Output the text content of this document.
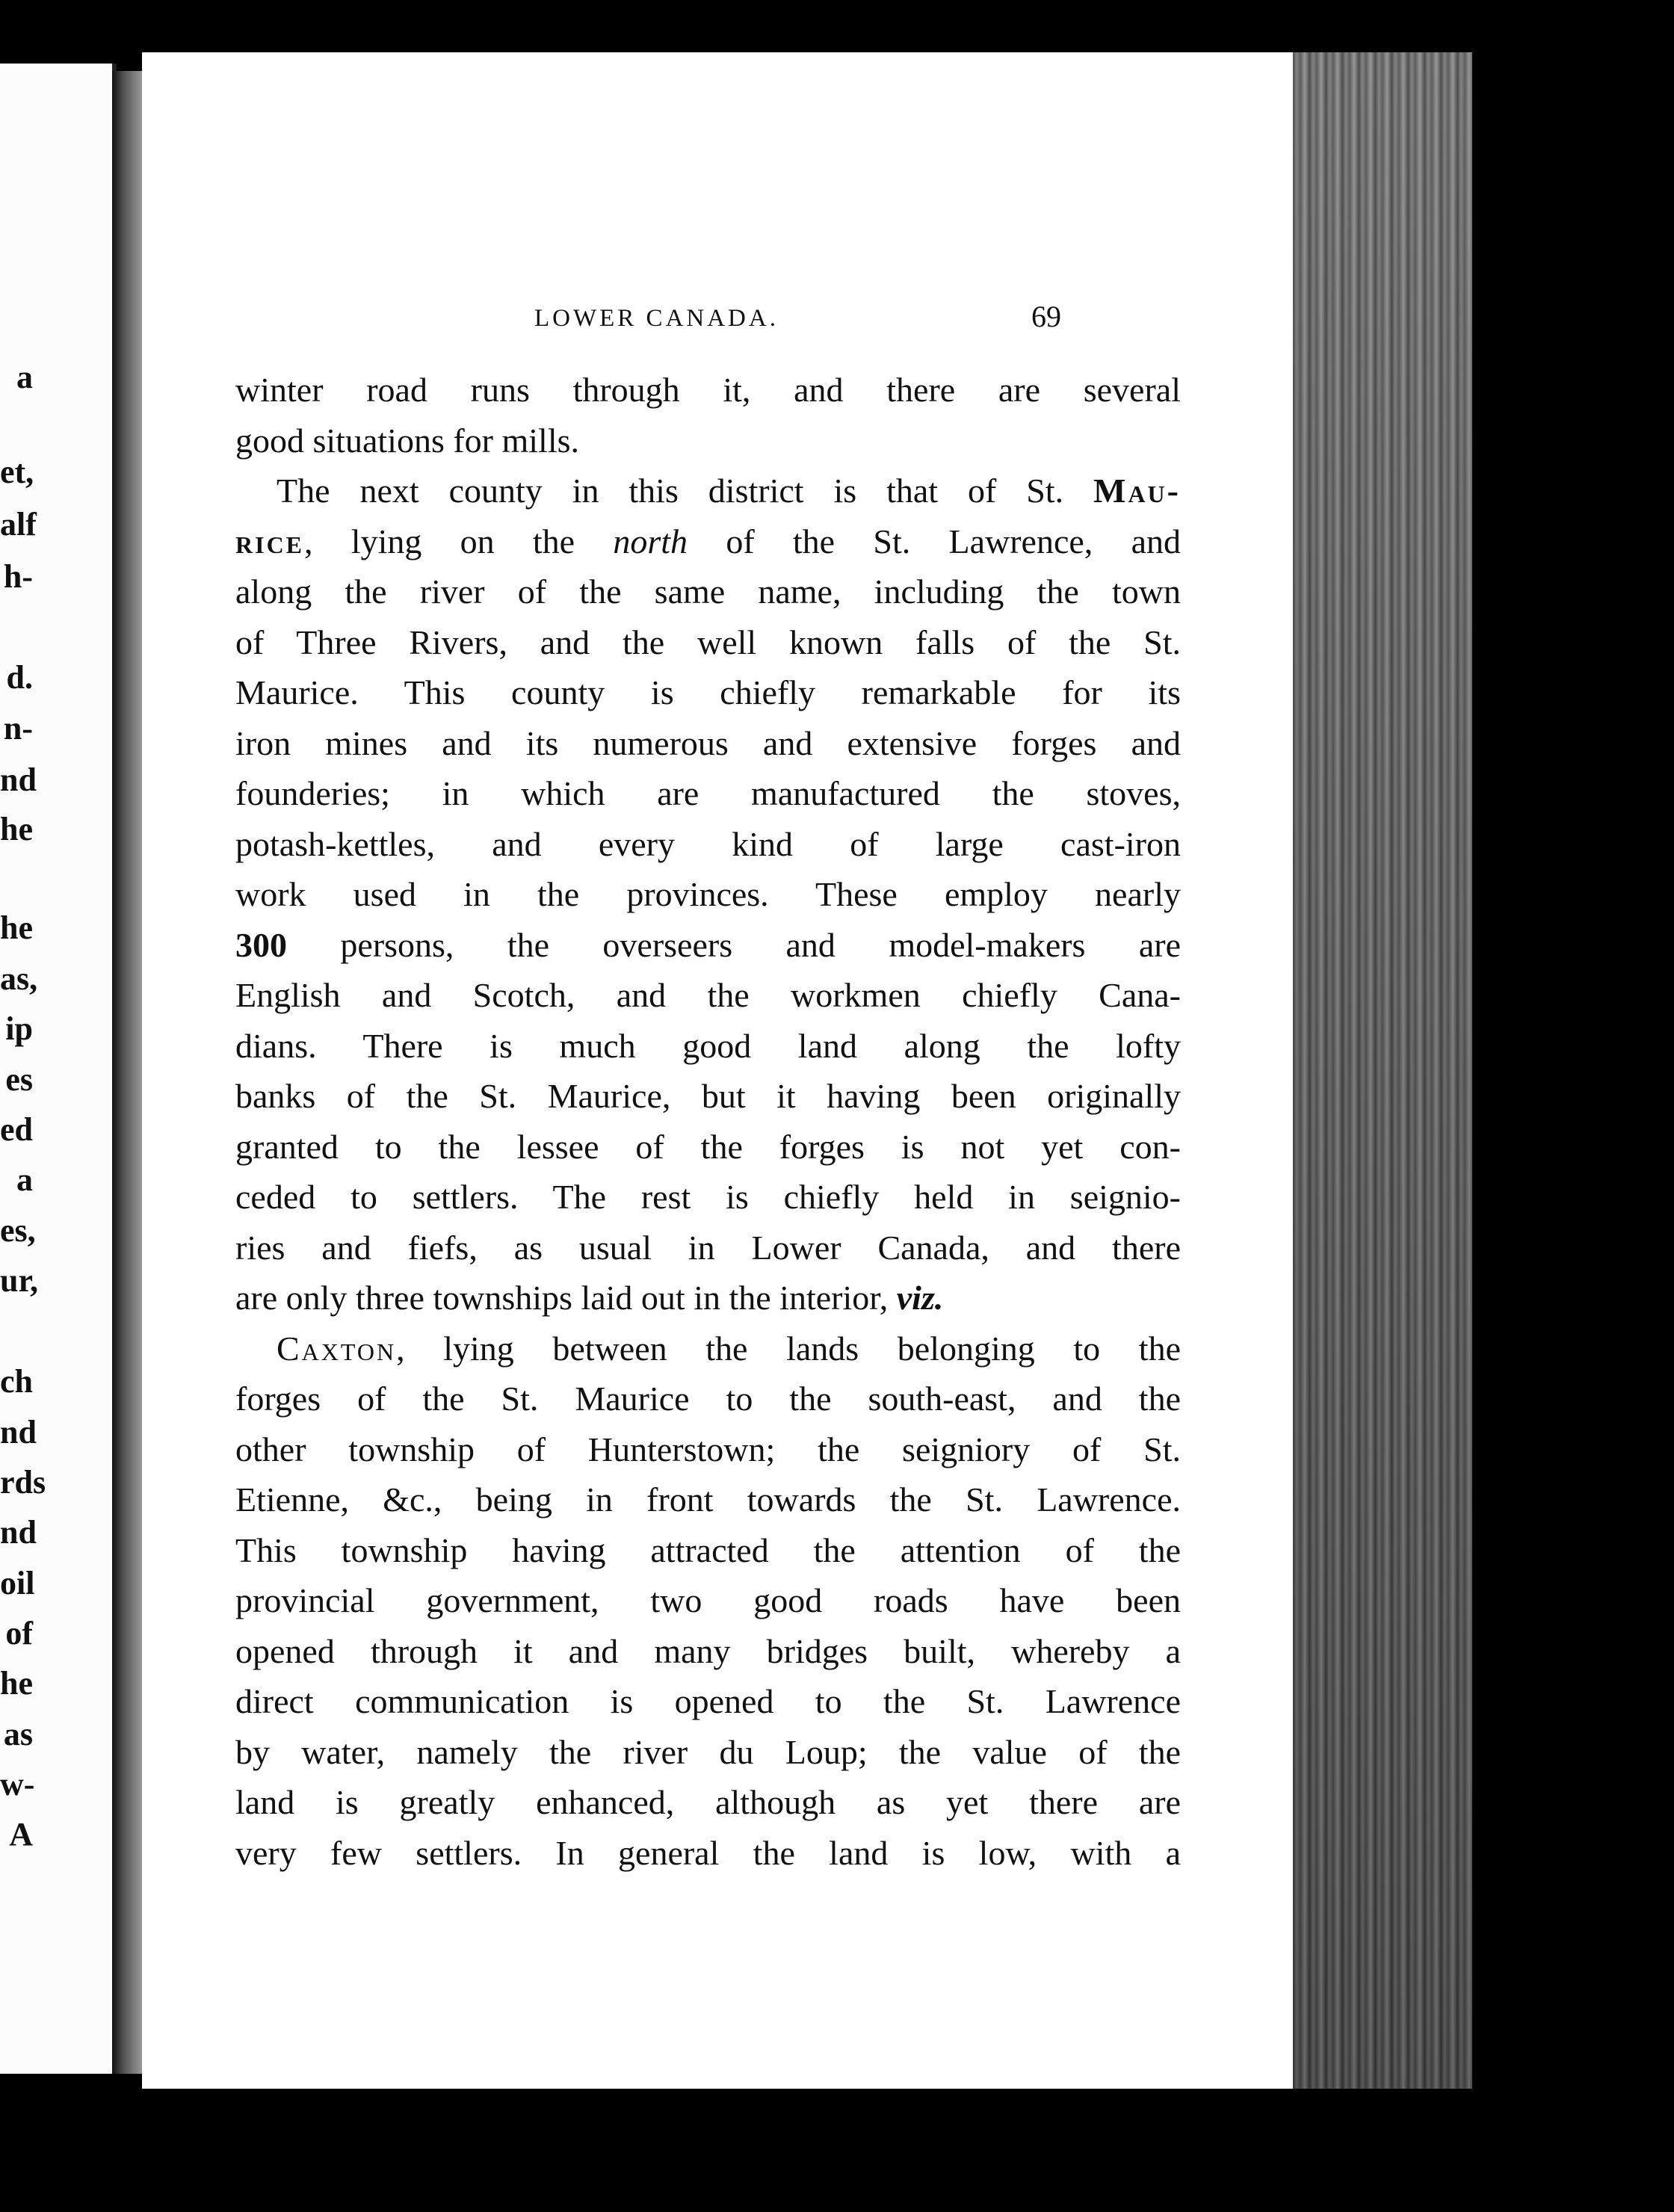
a
et,
alf
h-
d.
n-
nd
he
he
as,
ip
es
ed
a
es,
ur,
ch
nd
rds
nd
oil
of
he
as
w-
A
LOWER CANADA.	69
winter road runs through it, and there are several
good situations for mills.
The next county in this district is that of St. Mau-
rice, lying on the north of the St. Lawrence, and
along the river of the same name, including the town
of Three Rivers, and the well known falls of the St.
Maurice. This county is chiefly remarkable for its
iron mines and its numerous and extensive forges and
founderies; in which are manufactured the stoves,
potash-kettles, and every kind of large cast-iron
work used in the provinces. These employ nearly
300 persons, the overseers and model-makers are
English and Scotch, and the workmen chiefly Cana-
dians. There is much good land along the lofty
banks of the St. Maurice, but it having been originally
granted to the lessee of the forges is not yet con-
ceded to settlers. The rest is chiefly held in seignio-
ries and fiefs, as usual in Lower Canada, and there
are only three townships laid out in the interior, viz.
Caxton, lying between the lands belonging to the
forges of the St. Maurice to the south-east, and the
other township of Hunterstown; the seigniory of St.
Etienne, &c., being in front towards the St. Lawrence.
This township having attracted the attention of the
provincial government, two good roads have been
opened through it and many bridges built, whereby a
direct communication is opened to the St. Lawrence
by water, namely the river du Loup; the value of the
land is greatly enhanced, although as yet there are
very few settlers. In general the land is low, with a
